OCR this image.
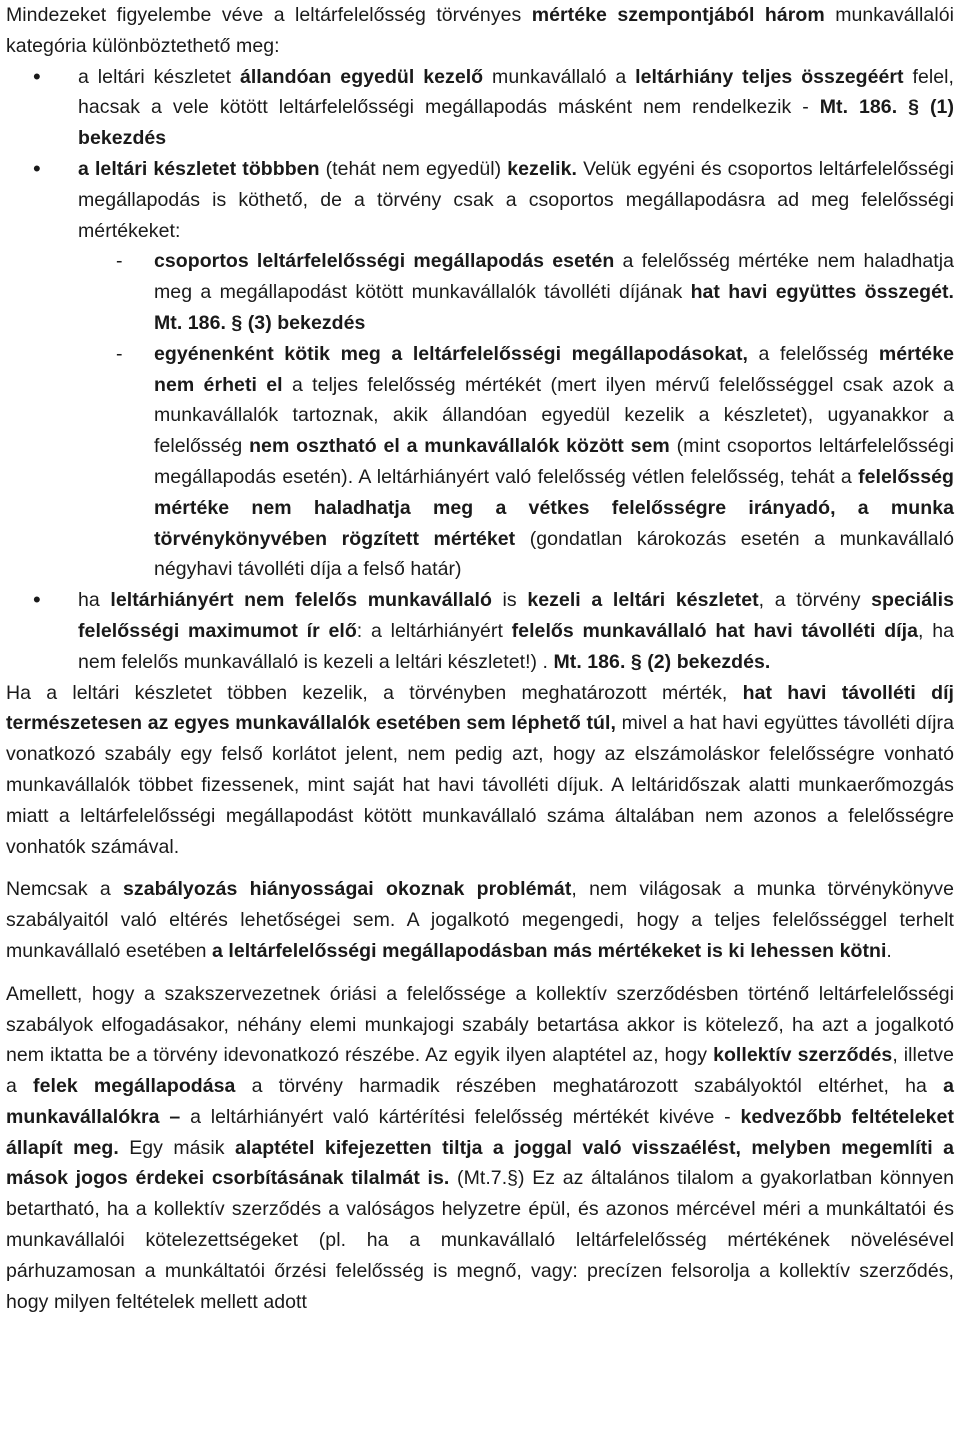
Mindezeket figyelembe véve a leltárfelelősség törvényes mértéke szempontjából három munkavállalói kategória különböztethető meg:

• a leltári készletet állandóan egyedül kezelő munkavállaló a leltárhiány teljes összegéért felel, hacsak a vele kötött leltárfelelősségi megállapodás másként nem rendelkezik - Mt. 186. § (1) bekezdés
• a leltári készletet többben (tehát nem egyedül) kezelik. Velük egyéni és csoportos leltárfelelősségi megállapodás is köthető, de a törvény csak a csoportos megállapodásra ad meg felelősségi mértékeket:
- csoportos leltárfelelősségi megállapodás esetén a felelősség mértéke nem haladhatja meg a megállapodást kötött munkavállalók távolléti díjának hat havi együttes összegét. Mt. 186. § (3) bekezdés
- egyénenként kötik meg a leltárfelelősségi megállapodásokat, a felelősség mértéke nem érheti el a teljes felelősség mértékét (mert ilyen mérvű felelősséggel csak azok a munkavállalók tartoznak, akik állandóan egyedül kezelik a készletet), ugyanakkor a felelősség nem osztható el a munkavállalók között sem (mint csoportos leltárfelelősségi megállapodás esetén). A leltárhiányért való felelősség vétlen felelősség, tehát a felelősség mértéke nem haladhatja meg a vétkes felelősségre irányadó, a munka törvénykönyvében rögzített mértéket (gondatlan károkozás esetén a munkavállaló négyhavi távolléti díja a felső határ)
• ha leltárhiányért nem felelős munkavállaló is kezeli a leltári készletet, a törvény speciális felelősségi maximumot ír elő: a leltárhiányért felelős munkavállaló hat havi távolléti díja, ha nem felelős munkavállaló is kezeli a leltári készletet!) . Mt. 186. § (2) bekezdés.

Ha a leltári készletet többen kezelik, a törvényben meghatározott mérték, hat havi távolléti díj természetesen az egyes munkavállalók esetében sem léphető túl, mivel a hat havi együttes távolléti díjra vonatkozó szabály egy felső korlátot jelent, nem pedig azt, hogy az elszámoláskor felelősségre vonható munkavállalók többet fizessenek, mint saját hat havi távolléti díjuk. A leltáridőszak alatti munkaerőmozgás miatt a leltárfelelősségi megállapodást kötött munkavállaló száma általában nem azonos a felelősségre vonhatók számával.

Nemcsak a szabályozás hiányosságai okoznak problémát, nem világosak a munka törvénykönyve szabályaitól való eltérés lehetőségei sem. A jogalkotó megengedi, hogy a teljes felelősséggel terhelt munkavállaló esetében a leltárfelelősségi megállapodásban más mértékeket is ki lehessen kötni.

Amellett, hogy a szakszervezetnek óriási a felelőssége a kollektív szerződésben történő leltárfelelősségi szabályok elfogadásakor, néhány elemi munkajogi szabály betartása akkor is kötelező, ha azt a jogalkotó nem iktatta be a törvény idevonatkozó részébe. Az egyik ilyen alaptétel az, hogy kollektív szerződés, illetve a felek megállapodása a törvény harmadik részében meghatározott szabályoktól eltérhet, ha a munkavállalókra – a leltárhiányért való kártérítési felelősség mértékét kivéve - kedvezőbb feltételeket állapít meg. Egy másik alaptétel kifejezetten tiltja a joggal való visszaélést, melyben megemlíti a mások jogos érdekei csorbításának tilalmát is. (Mt.7.§) Ez az általános tilalom a gyakorlatban könnyen betartható, ha a kollektív szerződés a valóságos helyzetre épül, és azonos mércével méri a munkáltatói és munkavállalói kötelezettségeket (pl. ha a munkavállaló leltárfelelősség mértékének növelésével párhuzamosan a munkáltatói őrzési felelősség is megnő, vagy: precízen felsorolja a kollektív szerződés, hogy milyen feltételek mellett adott
